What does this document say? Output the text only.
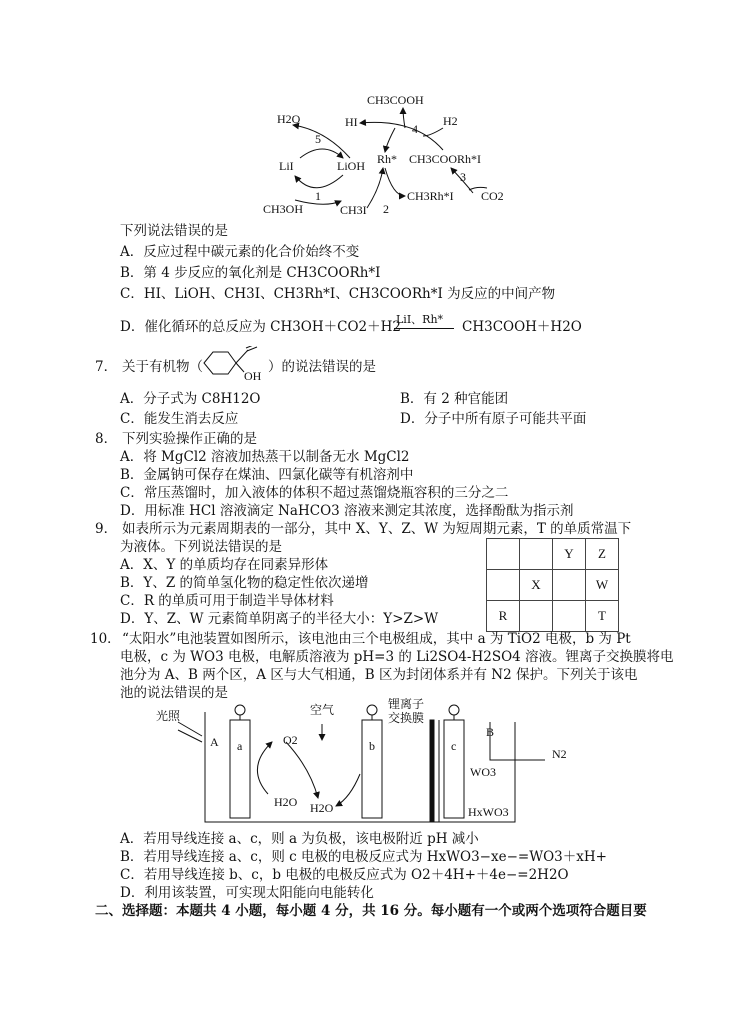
H2O	HI
LiI	LiOH
CH3OH	CH3I
Rh*
CH3COOH
H2
CH3COORh*I
CH3Rh*I CO2
5
1
2
3
4
下列说法错误的是
A．反应过程中碳元素的化合价始终不变
B．第 4 步反应的氧化剂是 CH3COORh*I
C．HI、LiOH、CH3I、CH3Rh*I、CH3COORh*I 为反应的中间产物
D．催化循环的总反应为 CH3OH＋CO2＋H2
LiI、Rh* CH3COOH＋H2O
7． 关于有机物（
OH
）的说法错误的是
A．分子式为 C8H12O	B．有 2 种官能团
C．能发生消去反应	D．分子中所有原子可能共平面
8． 下列实验操作正确的是
A．将 MgCl2 溶液加热蒸干以制备无水 MgCl2
B．金属钠可保存在煤油、四氯化碳等有机溶剂中
C．常压蒸馏时，加入液体的体积不超过蒸馏烧瓶容积的三分之二
D．用标准 HCl 溶液滴定 NaHCO3 溶液来测定其浓度，选择酚酞为指示剂
9． 如表所示为元素周期表的一部分，其中 X、Y、Z、W 为短周期元素，T 的单质常温下
为液体。下列说法错误的是
A．X、Y 的单质均存在同素异形体
B．Y、Z 的简单氢化物的稳定性依次递增
C．R 的单质可用于制造半导体材料
D．Y、Z、W 元素简单阴离子的半径大小：Y>Z>W
		Y	Z
	X		W
R			T
10． “太阳水”电池装置如图所示，该电池由三个电极组成，其中 a 为 TiO2 电极，b 为 Pt
电极，c 为 WO3 电极，电解质溶液为 pH=3 的 Li2SO4-H2SO4 溶液。锂离子交换膜将电
池分为 A、B 两个区，A 区与大气相通，B 区为封闭体系并有 N2 保护。下列关于该电
池的说法错误的是
光照
A a	O2
H2O
空气
b
H2O
锂离子
交换膜
c
B
WO3
HxWO3
N2
A．若用导线连接 a、c，则 a 为负极，该电极附近 pH 减小
B．若用导线连接 a、c，则 c 电极的电极反应式为 HxWO3−xe−=WO3＋xH+
C．若用导线连接 b、c，b 电极的电极反应式为 O2＋4H+＋4e−=2H2O
D．利用该装置，可实现太阳能向电能转化
二、选择题：本题共 4 小题，每小题 4 分，共 16 分。每小题有一个或两个选项符合题目要
